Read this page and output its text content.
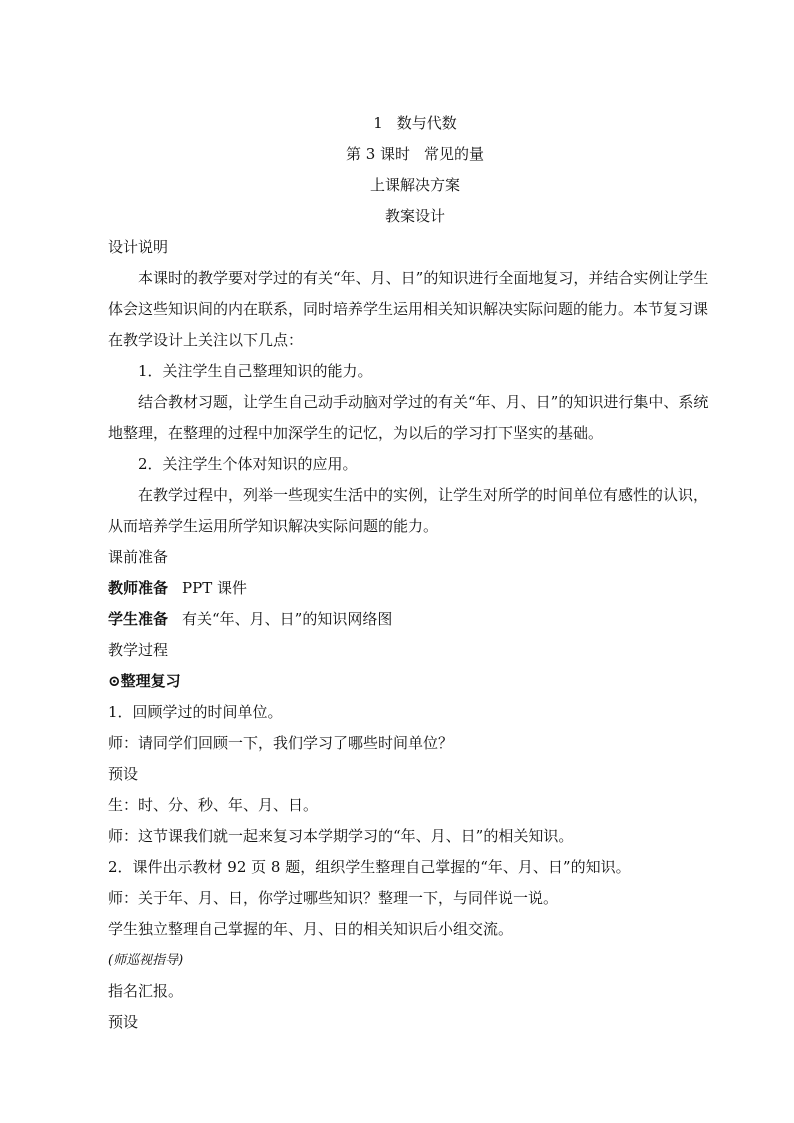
1 数与代数
第 3 课时 常见的量
上课解决方案
教案设计

设计说明

本课时的教学要对学过的有关“年、月、日”的知识进行全面地复习，并结合实例让学生体会这些知识间的内在联系，同时培养学生运用相关知识解决实际问题的能力。本节复习课在教学设计上关注以下几点：

1．关注学生自己整理知识的能力。

结合教材习题，让学生自己动手动脑对学过的有关“年、月、日”的知识进行集中、系统地整理，在整理的过程中加深学生的记忆，为以后的学习打下坚实的基础。

2．关注学生个体对知识的应用。

在教学过程中，列举一些现实生活中的实例，让学生对所学的时间单位有感性的认识，从而培养学生运用所学知识解决实际问题的能力。

课前准备

教师准备 PPT 课件

学生准备 有关“年、月、日”的知识网络图

教学过程

⊙整理复习

1．回顾学过的时间单位。

师：请同学们回顾一下，我们学习了哪些时间单位？

预设

生：时、分、秒、年、月、日。

师：这节课我们就一起来复习本学期学习的“年、月、日”的相关知识。

2．课件出示教材 92 页 8 题，组织学生整理自己掌握的“年、月、日”的知识。

师：关于年、月、日，你学过哪些知识？整理一下，与同伴说一说。

学生独立整理自己掌握的年、月、日的相关知识后小组交流。

(师巡视指导)

指名汇报。

预设
